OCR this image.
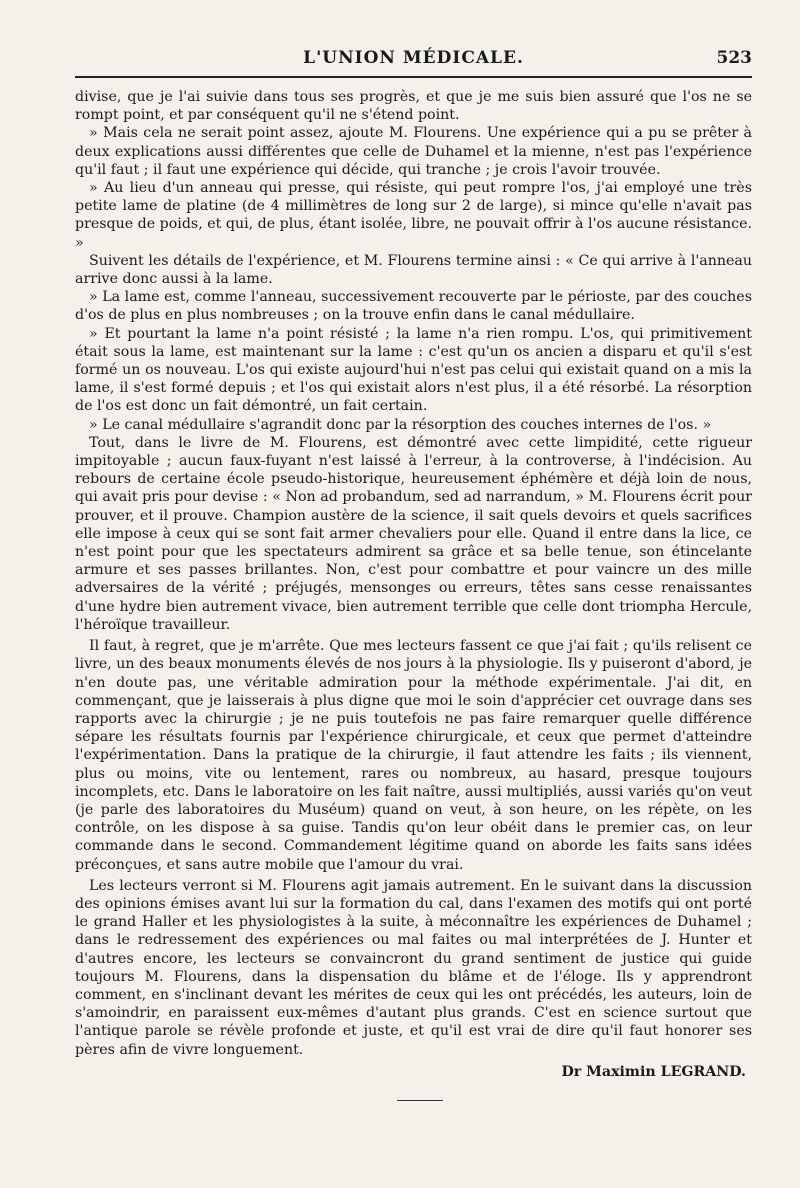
L'UNION MÉDICALE.	523

divise, que je l'ai suivie dans tous ses progrès, et que je me suis bien assuré que l'os ne se rompt point, et par conséquent qu'il ne s'étend point.

» Mais cela ne serait point assez, ajoute M. Flourens. Une expérience qui a pu se prêter à deux explications aussi différentes que celle de Duhamel et la mienne, n'est pas l'expérience qu'il faut ; il faut une expérience qui décide, qui tranche ; je crois l'avoir trouvée.

» Au lieu d'un anneau qui presse, qui résiste, qui peut rompre l'os, j'ai employé une très petite lame de platine (de 4 millimètres de long sur 2 de large), si mince qu'elle n'avait pas presque de poids, et qui, de plus, étant isolée, libre, ne pouvait offrir à l'os aucune résistance. »

Suivent les détails de l'expérience, et M. Flourens termine ainsi : « Ce qui arrive à l'anneau arrive donc aussi à la lame.

» La lame est, comme l'anneau, successivement recouverte par le périoste, par des couches d'os de plus en plus nombreuses ; on la trouve enfin dans le canal médullaire.

» Et pourtant la lame n'a point résisté ; la lame n'a rien rompu. L'os, qui primitivement était sous la lame, est maintenant sur la lame : c'est qu'un os ancien a disparu et qu'il s'est formé un os nouveau. L'os qui existe aujourd'hui n'est pas celui qui existait quand on a mis la lame, il s'est formé depuis ; et l'os qui existait alors n'est plus, il a été résorbé. La résorption de l'os est donc un fait démontré, un fait certain.

» Le canal médullaire s'agrandit donc par la résorption des couches internes de l'os. »

Tout, dans le livre de M. Flourens, est démontré avec cette limpidité, cette rigueur impitoyable ; aucun faux-fuyant n'est laissé à l'erreur, à la controverse, à l'indécision. Au rebours de certaine école pseudo-historique, heureusement éphémère et déjà loin de nous, qui avait pris pour devise : « Non ad probandum, sed ad narrandum, » M. Flourens écrit pour prouver, et il prouve. Champion austère de la science, il sait quels devoirs et quels sacrifices elle impose à ceux qui se sont fait armer chevaliers pour elle. Quand il entre dans la lice, ce n'est point pour que les spectateurs admirent sa grâce et sa belle tenue, son étincelante armure et ses passes brillantes. Non, c'est pour combattre et pour vaincre un des mille adversaires de la vérité ; préjugés, mensonges ou erreurs, têtes sans cesse renaissantes d'une hydre bien autrement vivace, bien autrement terrible que celle dont triompha Hercule, l'héroïque travailleur.

Il faut, à regret, que je m'arrête. Que mes lecteurs fassent ce que j'ai fait ; qu'ils relisent ce livre, un des beaux monuments élevés de nos jours à la physiologie. Ils y puiseront d'abord, je n'en doute pas, une véritable admiration pour la méthode expérimentale. J'ai dit, en commençant, que je laisserais à plus digne que moi le soin d'apprécier cet ouvrage dans ses rapports avec la chirurgie ; je ne puis toutefois ne pas faire remarquer quelle différence sépare les résultats fournis par l'expérience chirurgicale, et ceux que permet d'atteindre l'expérimentation. Dans la pratique de la chirurgie, il faut attendre les faits ; ils viennent, plus ou moins, vite ou lentement, rares ou nombreux, au hasard, presque toujours incomplets, etc. Dans le laboratoire on les fait naître, aussi multipliés, aussi variés qu'on veut (je parle des laboratoires du Muséum) quand on veut, à son heure, on les répète, on les contrôle, on les dispose à sa guise. Tandis qu'on leur obéit dans le premier cas, on leur commande dans le second. Commandement légitime quand on aborde les faits sans idées préconçues, et sans autre mobile que l'amour du vrai.

Les lecteurs verront si M. Flourens agit jamais autrement. En le suivant dans la discussion des opinions émises avant lui sur la formation du cal, dans l'examen des motifs qui ont porté le grand Haller et les physiologistes à la suite, à méconnaître les expériences de Duhamel ; dans le redressement des expériences ou mal faites ou mal interprétées de J. Hunter et d'autres encore, les lecteurs se convaincront du grand sentiment de justice qui guide toujours M. Flourens, dans la dispensation du blâme et de l'éloge. Ils y apprendront comment, en s'inclinant devant les mérites de ceux qui les ont précédés, les auteurs, loin de s'amoindrir, en paraissent eux-mêmes d'autant plus grands. C'est en science surtout que l'antique parole se révèle profonde et juste, et qu'il est vrai de dire qu'il faut honorer ses pères afin de vivre longuement.

Dr Maximin LEGRAND.
